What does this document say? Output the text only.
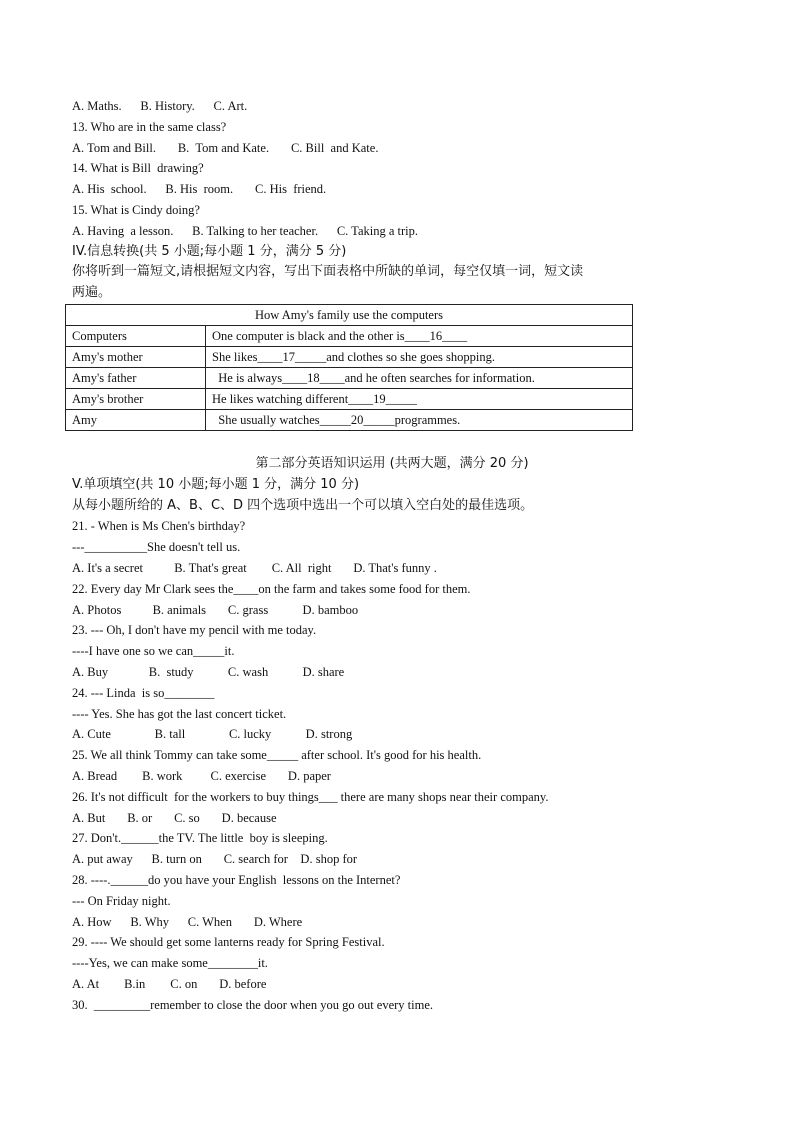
A. Maths.      B. History.      C. Art.
13. Who are in the same class?
A. Tom and Bill.       B.  Tom and Kate.       C. Bill  and Kate.
14. What is Bill  drawing?
A. His  school.      B. His  room.       C. His  friend.
15. What is Cindy doing?
A. Having  a lesson.      B. Talking to her teacher.      C. Taking a trip.
IV.信息转换(共 5 小题;每小题 1 分，满分 5 分)
你将听到一篇短文,请根据短文内容，写出下面表格中所缺的单词，每空仅填一词，短文读
两遍。
How Amy's family use the computers	
Computers	One computer is black and the other is____16____
Amy's mother	She likes____17_____and clothes so she goes shopping.
Amy's father	He is always____18____and he often searches for information.
Amy's brother	He likes watching different____19_____
Amy	She usually watches_____20_____programmes.
第二部分英语知识运用 (共两大题，满分 20 分)
V.单项填空(共 10 小题;每小题 1 分，满分 10 分)
从每小题所给的 A、B、C、D 四个选项中选出一个可以填入空白处的最佳选项。
21. - When is Ms Chen's birthday?
---__________She doesn't tell us.
A. It's a secret          B. That's great        C. All  right       D. That's funny .
22. Every day Mr Clark sees the____on the farm and takes some food for them.
A. Photos          B. animals       C. grass           D. bamboo
23. --- Oh, I don't have my pencil with me today.
----I have one so we can_____it.
A. Buy             B.  study           C. wash           D. share
24. --- Linda  is so________
---- Yes. She has got the last concert ticket.
A. Cute              B. tall              C. lucky           D. strong
25. We all think Tommy can take some_____ after school. It's good for his health.
A. Bread        B. work         C. exercise       D. paper
26. It's not difficult  for the workers to buy things___ there are many shops near their company.
A. But       B. or       C. so       D. because
27. Don't.______the TV. The little  boy is sleeping.
A. put away      B. turn on       C. search for    D. shop for
28. ----.______do you have your English  lessons on the Internet?
--- On Friday night.
A. How      B. Why      C. When       D. Where
29. ---- We should get some lanterns ready for Spring Festival.
----Yes, we can make some________it.
A. At        B.in        C. on       D. before
30.  _________remember to close the door when you go out every time.
